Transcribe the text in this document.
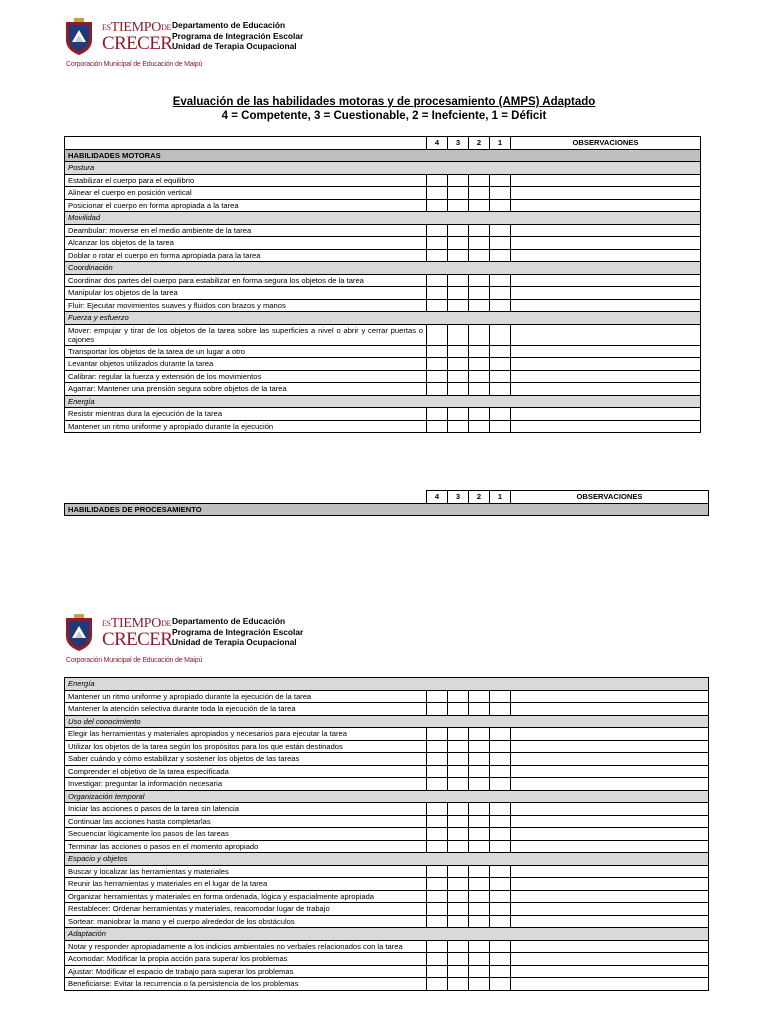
$^{ES}TIEMPO^{DE}$
CRECER
Corporación Municipal de Educación de Maipú
Departamento de Educación
Programa de Integración Escolar
Unidad de Terapia Ocupacional
Evaluación de las habilidades motoras y de procesamiento (AMPS) Adaptado
4 = Competente, 3 = Cuestionable, 2 = Inefciente, 1 = Déficit
	4	3	2	1	OBSERVACIONES
HABILIDADES MOTORAS					
Postura					
Estabilizar el cuerpo para el equilibrio					
Alinear el cuerpo en posición vertical					
Posicionar el cuerpo en forma apropiada a la tarea					
Movilidad					
Deambular: moverse en el medio ambiente de la tarea					
Alcanzar los objetos de la tarea					
Doblar o rotar el cuerpo en forma apropiada para la tarea					
Coordinación					
Coordinar dos partes del cuerpo para estabilizar en forma segura los objetos de la tarea					
Manipular los objetos de la tarea					
Fluir: Ejecutar movimientos suaves y fluidos con brazos y manos					
Fuerza y esfuerzo					
Mover: empujar y tirar de los objetos de la tarea sobre las superficies a nivel o abrir y cerrar puertas o cajones					
Transportar los objetos de la tarea de un lugar a otro					
Levantar objetos utilizados durante la tarea					
Calibrar: regular la fuerza y extensión de los movimientos					
Agarrar: Mantener una prensión segura sobre objetos de la tarea					
Energía					
Resistir mientras dura la ejecución de la tarea					
Mantener un ritmo uniforme y apropiado durante la ejecución					
	4	3	2	1	OBSERVACIONES
HABILIDADES DE PROCESAMIENTO
$^{ES}TIEMPO^{DE}$
CRECER
Corporación Municipal de Educación de Maipú
Departamento de Educación
Programa de Integración Escolar
Unidad de Terapia Ocupacional
Energía					
Mantener un ritmo uniforme y apropiado durante la ejecución de la tarea					
Mantener la atención selectiva durante toda la ejecución de la tarea					
Uso del conocimiento					
Elegir las herramientas y materiales apropiados y necesarios para ejecutar la tarea					
Utilizar los objetos de la tarea según los propósitos para los que están destinados					
Saber cuándo y cómo estabilizar y sostener los objetos de las tareas					
Comprender el objetivo de la tarea especificada					
Investigar: preguntar la información necesaria					
Organización temporal					
Iniciar las acciones o pasos de la tarea sin latencia					
Continuar las acciones hasta completarlas					
Secuenciar lógicamente los pasos de las tareas					
Terminar las acciones o pasos en el momento apropiado					
Espacio y objetos					
Buscar y localizar las herramientas y materiales					
Reunir las herramientas y materiales en el lugar de la tarea					
Organizar herramientas y materiales en forma ordenada, lógica y espacialmente apropiada					
Restablecer: Ordenar herramientas y materiales, reacomodar lugar de trabajo					
Sortear: maniobrar la mano y el cuerpo alrededor de los obstáculos					
Adaptación					
Notar y responder apropiadamente a los indicios ambientales no verbales relacionados con la tarea					
Acomodar: Modificar la propia acción para superar los problemas					
Ajustar: Modificar el espacio de trabajo para superar los problemas					
Beneficiarse: Evitar la recurrencia o la persistencia de los problemas					
